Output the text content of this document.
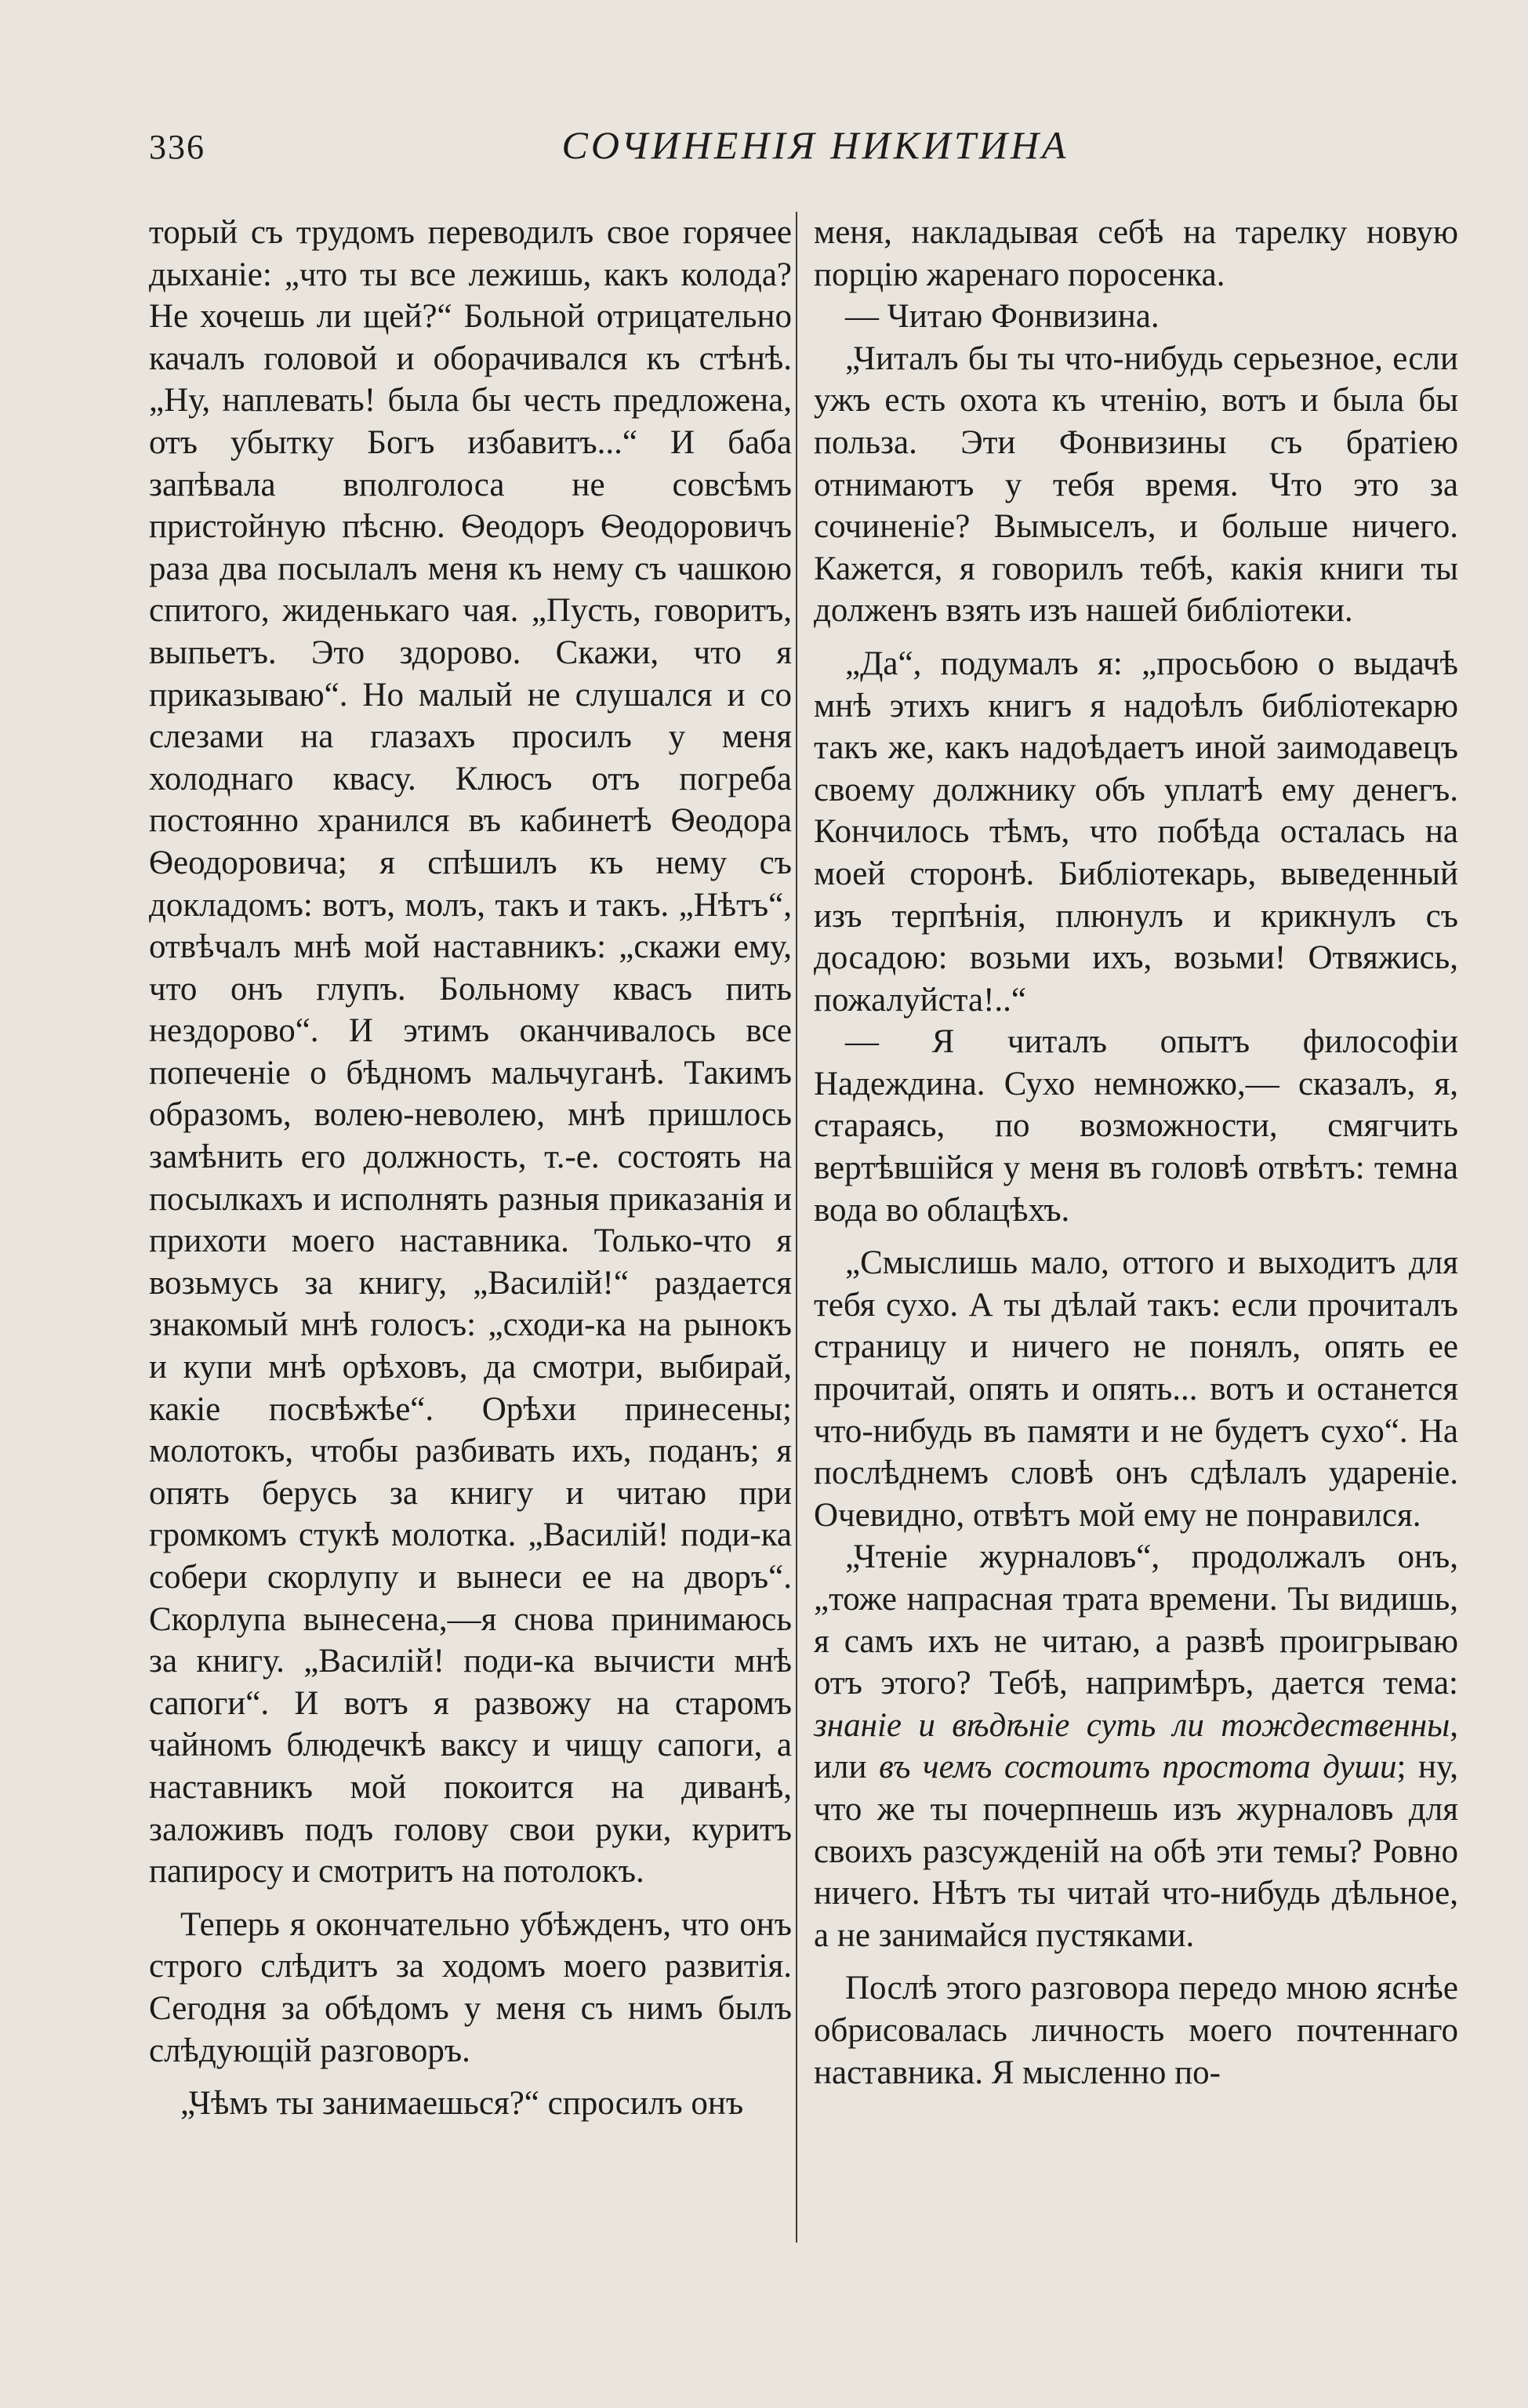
336	СОЧИНЕНІЯ НИКИТИНА

торый съ трудомъ переводилъ свое горячее дыханіе: „что ты все лежишь, какъ колода? Не хочешь ли щей?“ Больной отрицательно качалъ головой и оборачивался къ стѣнѣ. „Ну, наплевать! была бы честь предложена, отъ убытку Богъ избавитъ...“ И баба запѣвала вполголоса не совсѣмъ пристойную пѣсню. Ѳеодоръ Ѳеодоровичъ раза два посылалъ меня къ нему съ чашкою спитого, жиденькаго чая. „Пусть, говоритъ, выпьетъ. Это здорово. Скажи, что я приказываю“. Но малый не слушался и со слезами на глазахъ просилъ у меня холоднаго квасу. Клюсъ отъ погреба постоянно хранился въ кабинетѣ Ѳеодора Ѳеодоровича; я спѣшилъ къ нему съ докладомъ: вотъ, молъ, такъ и такъ. „Нѣтъ“, отвѣчалъ мнѣ мой наставникъ: „скажи ему, что онъ глупъ. Больному квасъ пить нездорово“. И этимъ оканчивалось все попеченіе о бѣдномъ мальчуганѣ. Такимъ образомъ, волею-неволею, мнѣ пришлось замѣнить его должность, т.-е. состоять на посылкахъ и исполнять разныя приказанія и прихоти моего наставника. Только-что я возьмусь за книгу, „Василій!“ раздается знакомый мнѣ голосъ: „сходи-ка на рынокъ и купи мнѣ орѣховъ, да смотри, выбирай, какіе посвѣжѣе“. Орѣхи принесены; молотокъ, чтобы разбивать ихъ, поданъ; я опять берусь за книгу и читаю при громкомъ стукѣ молотка. „Василій! поди-ка собери скорлупу и вынеси ее на дворъ“. Скорлупа вынесена,—я снова принимаюсь за книгу. „Василій! поди-ка вычисти мнѣ сапоги“. И вотъ я развожу на старомъ чайномъ блюдечкѣ ваксу и чищу сапоги, а наставникъ мой покоится на диванѣ, заложивъ подъ голову свои руки, куритъ папиросу и смотритъ на потолокъ.

Теперь я окончательно убѣжденъ, что онъ строго слѣдитъ за ходомъ моего развитія. Сегодня за обѣдомъ у меня съ нимъ былъ слѣдующій разговоръ.

„Чѣмъ ты занимаешься?“ спросилъ онъ

меня, накладывая себѣ на тарелку новую порцію жаренаго поросенка.

— Читаю Фонвизина.

„Читалъ бы ты что-нибудь серьезное, если ужъ есть охота къ чтенію, вотъ и была бы польза. Эти Фонвизины съ братіею отнимаютъ у тебя время. Что это за сочиненіе? Вымыселъ, и больше ничего. Кажется, я говорилъ тебѣ, какія книги ты долженъ взять изъ нашей библіотеки.

„Да“, подумалъ я: „просьбою о выдачѣ мнѣ этихъ книгъ я надоѣлъ библіотекарю такъ же, какъ надоѣдаетъ иной заимодавецъ своему должнику объ уплатѣ ему денегъ. Кончилось тѣмъ, что побѣда осталась на моей сторонѣ. Библіотекарь, выведенный изъ терпѣнія, плюнулъ и крикнулъ съ досадою: возьми ихъ, возьми! Отвяжись, пожалуйста!..“

— Я читалъ опытъ философіи Надеждина. Сухо немножко,— сказалъ, я, стараясь, по возможности, смягчить вертѣвшійся у меня въ головѣ отвѣтъ: темна вода во облацѣхъ.

„Смыслишь мало, оттого и выходитъ для тебя сухо. А ты дѣлай такъ: если прочиталъ страницу и ничего не понялъ, опять ее прочитай, опять и опять... вотъ и останется что-нибудь въ памяти и не будетъ сухо“. На послѣднемъ словѣ онъ сдѣлалъ удареніе. Очевидно, отвѣтъ мой ему не понравился.

„Чтеніе журналовъ“, продолжалъ онъ, „тоже напрасная трата времени. Ты видишь, я самъ ихъ не читаю, а развѣ проигрываю отъ этого? Тебѣ, напримѣръ, дается тема: знаніе и вѣдѣніе суть ли тождественны, или въ чемъ состоитъ простота души; ну, что же ты почерпнешь изъ журналовъ для своихъ разсужденій на обѣ эти темы? Ровно ничего. Нѣтъ ты читай что-нибудь дѣльное, а не занимайся пустяками.

Послѣ этого разговора передо мною яснѣе обрисовалась личность моего почтеннаго наставника. Я мысленно по-
